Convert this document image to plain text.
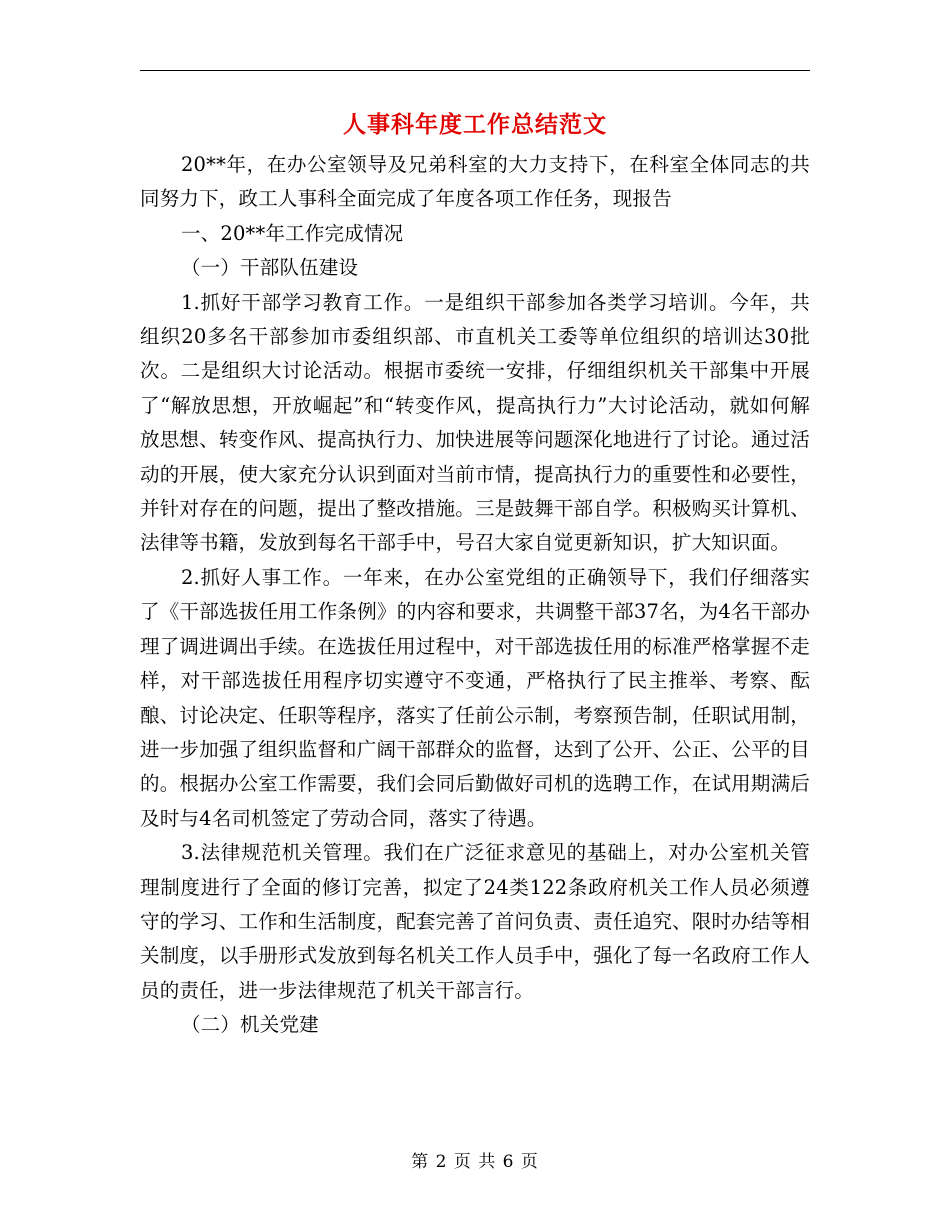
人事科年度工作总结范文

20**年，在办公室领导及兄弟科室的大力支持下，在科室全体同志的共同努力下，政工人事科全面完成了年度各项工作任务，现报告

一、20**年工作完成情况

（一）干部队伍建设

1.抓好干部学习教育工作。一是组织干部参加各类学习培训。今年，共组织20多名干部参加市委组织部、市直机关工委等单位组织的培训达30批次。二是组织大讨论活动。根据市委统一安排，仔细组织机关干部集中开展了“解放思想，开放崛起”和“转变作风，提高执行力”大讨论活动，就如何解放思想、转变作风、提高执行力、加快进展等问题深化地进行了讨论。通过活动的开展，使大家充分认识到面对当前市情，提高执行力的重要性和必要性，并针对存在的问题，提出了整改措施。三是鼓舞干部自学。积极购买计算机、法律等书籍，发放到每名干部手中，号召大家自觉更新知识，扩大知识面。

2.抓好人事工作。一年来，在办公室党组的正确领导下，我们仔细落实了《干部选拔任用工作条例》的内容和要求，共调整干部37名，为4名干部办理了调进调出手续。在选拔任用过程中，对干部选拔任用的标准严格掌握不走样，对干部选拔任用程序切实遵守不变通，严格执行了民主推举、考察、酝酿、讨论决定、任职等程序，落实了任前公示制，考察预告制，任职试用制，进一步加强了组织监督和广阔干部群众的监督，达到了公开、公正、公平的目的。根据办公室工作需要，我们会同后勤做好司机的选聘工作，在试用期满后及时与4名司机签定了劳动合同，落实了待遇。

3.法律规范机关管理。我们在广泛征求意见的基础上，对办公室机关管理制度进行了全面的修订完善，拟定了24类122条政府机关工作人员必须遵守的学习、工作和生活制度，配套完善了首问负责、责任追究、限时办结等相关制度，以手册形式发放到每名机关工作人员手中，强化了每一名政府工作人员的责任，进一步法律规范了机关干部言行。

（二）机关党建

第 2 页 共 6 页
